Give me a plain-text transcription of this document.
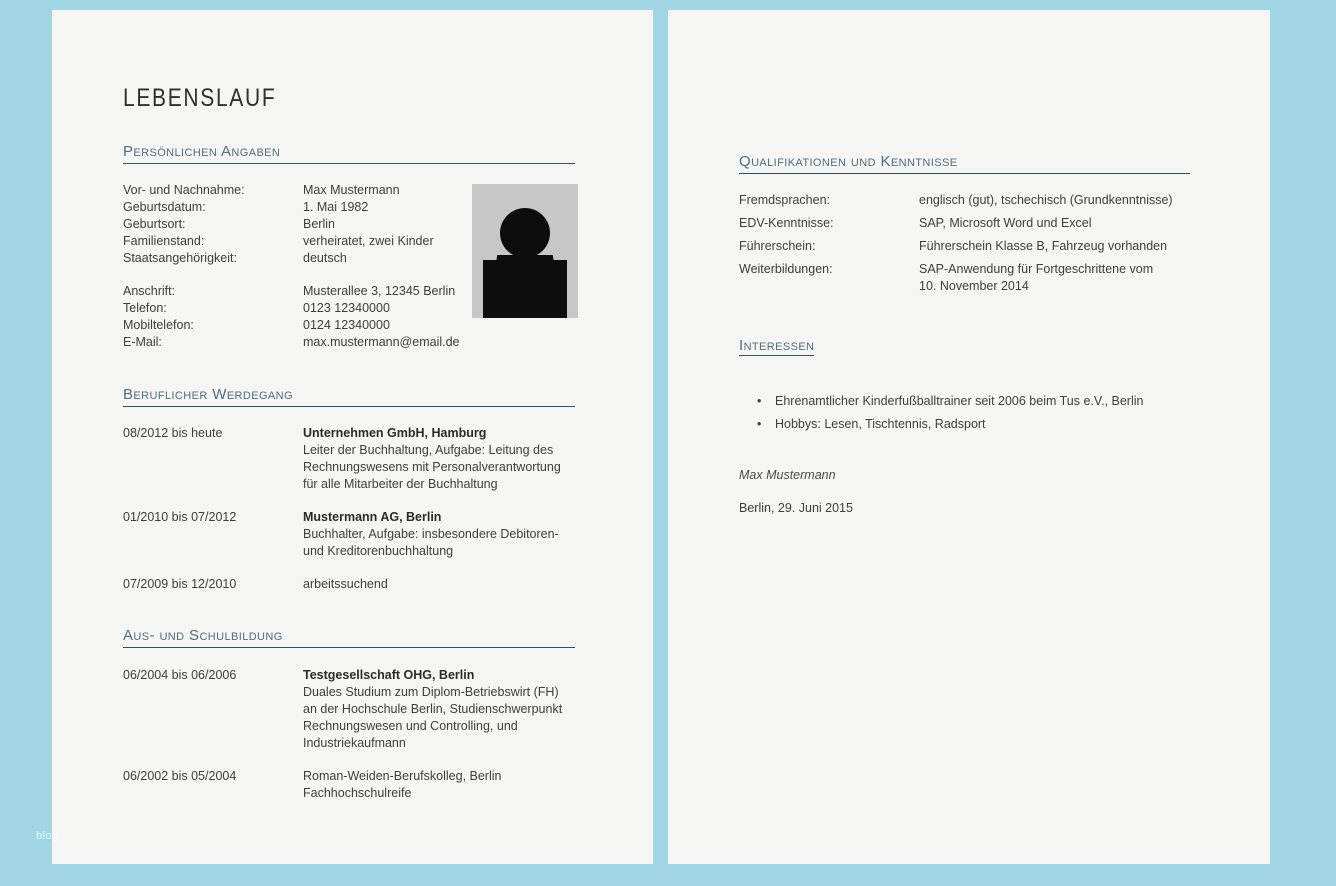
LEBENSLAUF
Persönlichen Angaben
Vor- und Nachnahme:	Max Mustermann
Geburtsdatum:	1. Mai 1982
Geburtsort:	Berlin
Familienstand:	verheiratet, zwei Kinder
Staatsangehörigkeit:	deutsch
Anschrift:	Musterallee 3, 12345 Berlin
Telefon:	0123 12340000
Mobiltelefon:	0124 12340000
E-Mail:	max.mustermann@email.de
Beruflicher Werdegang
08/2012 bis heute	Unternehmen GmbH, Hamburg
Leiter der Buchhaltung, Aufgabe: Leitung des Rechnungswesens mit Personalverantwortung für alle Mitarbeiter der Buchhaltung
01/2010 bis 07/2012	Mustermann AG, Berlin
Buchhalter, Aufgabe: insbesondere Debitoren- und Kreditorenbuchhaltung
07/2009 bis 12/2010	arbeitssuchend
Aus- und Schulbildung
06/2004 bis 06/2006	Testgesellschaft OHG, Berlin
Duales Studium zum Diplom-Betriebswirt (FH) an der Hochschule Berlin, Studienschwerpunkt Rechnungswesen und Controlling, und Industriekaufmann
06/2002 bis 05/2004	Roman-Weiden-Berufskolleg, Berlin Fachhochschulreife
Qualifikationen und Kenntnisse
Fremdsprachen:	englisch (gut), tschechisch (Grundkenntnisse)
EDV-Kenntnisse:	SAP, Microsoft Word und Excel
Führerschein:	Führerschein Klasse B, Fahrzeug vorhanden
Weiterbildungen:	SAP-Anwendung für Fortgeschrittene vom
10. November 2014
Interessen
•	Ehrenamtlicher Kinderfußballtrainer seit 2006 beim Tus e.V., Berlin
•	Hobbys: Lesen, Tischtennis, Radsport
Max Mustermann
Berlin, 29. Juni 2015
blog
